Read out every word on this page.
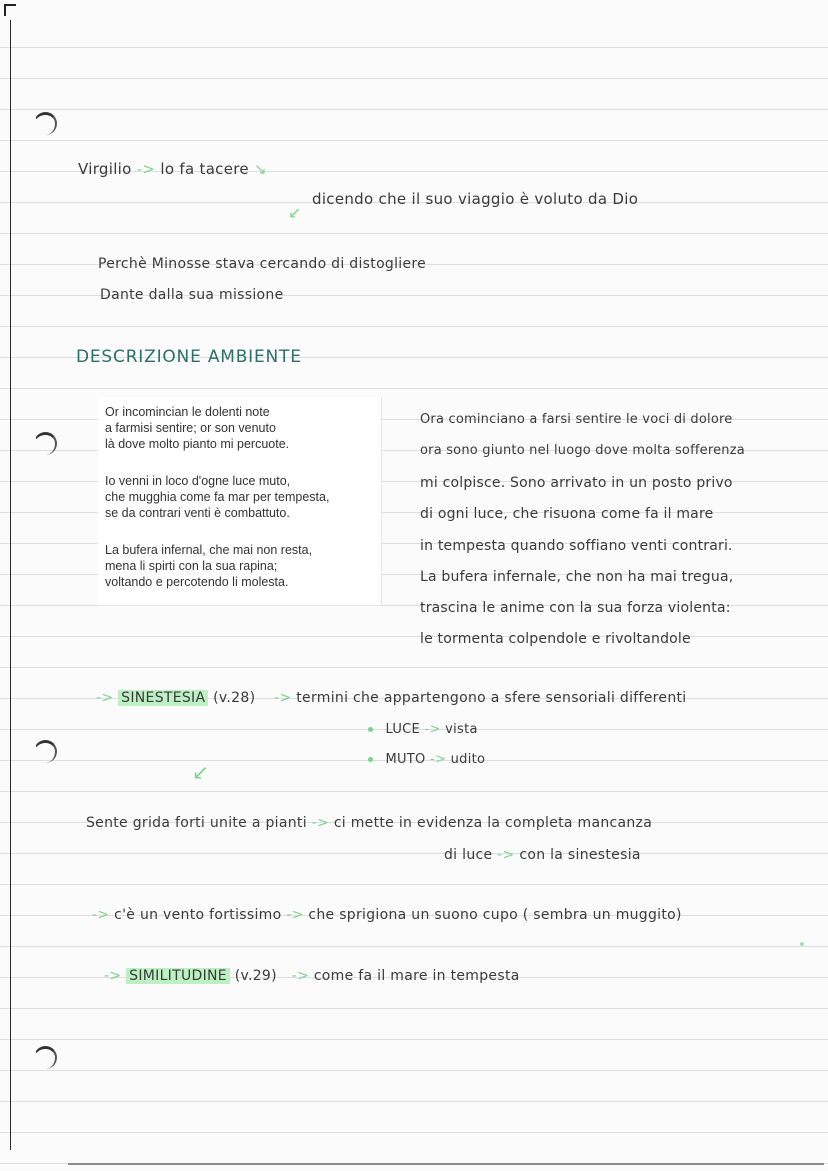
Virgilio -> lo fa tacere ↘
↙
dicendo che il suo viaggio è voluto da Dio
Perchè Minosse stava cercando di distogliere
Dante dalla sua missione
DESCRIZIONE AMBIENTE
Or incomincian le dolenti note
a farmisi sentire; or son venuto
là dove molto pianto mi percuote.
Io venni in loco d'ogne luce muto,
che mugghia come fa mar per tempesta,
se da contrari venti è combattuto.
La bufera infernal, che mai non resta,
mena li spirti con la sua rapina;
voltando e percotendo li molesta.
Ora cominciano a farsi sentire le voci di dolore
ora sono giunto nel luogo dove molta sofferenza
mi colpisce. Sono arrivato in un posto privo
di ogni luce, che risuona come fa il mare
in tempesta quando soffiano venti contrari.
La bufera infernale, che non ha mai tregua,
trascina le anime con la sua forza violenta:
le tormenta colpendole e rivoltandole
-> SINESTESIA (v.28) -> termini che appartengono a sfere sensoriali differenti
LUCE -> vista
MUTO -> udito
↙
Sente grida forti unite a pianti -> ci mette in evidenza la completa mancanza
di luce -> con la sinestesia
-> c'è un vento fortissimo -> che sprigiona un suono cupo ( sembra un muggito)
-> SIMILITUDINE (v.29) -> come fa il mare in tempesta
